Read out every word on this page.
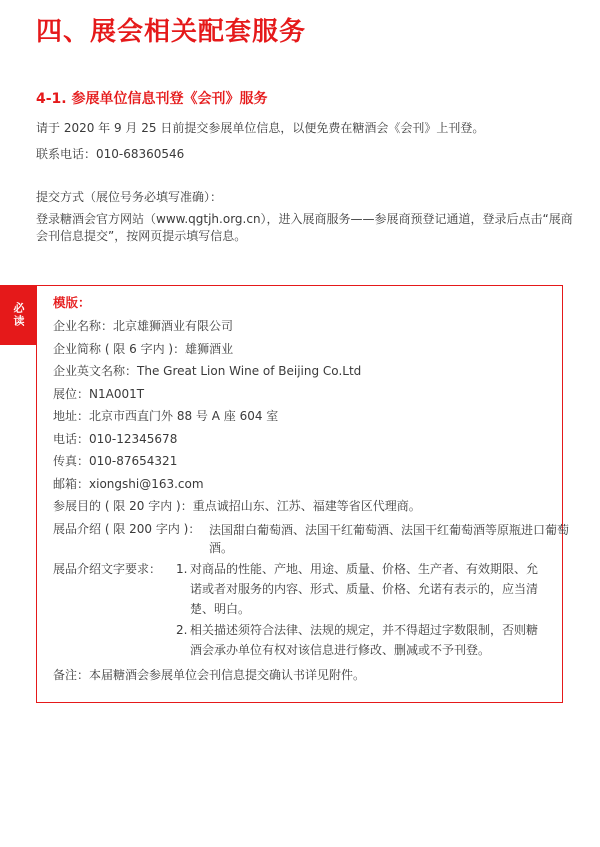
四、展会相关配套服务
4-1. 参展单位信息刊登《会刊》服务
请于 2020 年 9 月 25 日前提交参展单位信息，以便免费在糖酒会《会刊》上刊登。
联系电话：010-68360546
提交方式（展位号务必填写准确）：
登录糖酒会官方网站（www.qgtjh.org.cn），进入展商服务——参展商预登记通道，登录后点击“展商会刊信息提交”，按网页提示填写信息。
必读 模版：
企业名称：北京雄狮酒业有限公司
企业简称 ( 限 6 字内 )：雄狮酒业
企业英文名称：The Great Lion Wine of Beijing Co.Ltd
展位：N1A001T
地址：北京市西直门外 88 号 A 座 604 室
电话：010-12345678
传真：010-87654321
邮箱：xiongshi@163.com
参展目的 ( 限 20 字内 )：重点诚招山东、江苏、福建等省区代理商。
展品介绍 ( 限 200 字内 )： 法国甜白葡萄酒、法国干红葡萄酒、法国干红葡萄酒等原瓶进口葡萄酒。
展品介绍文字要求： 1. 对商品的性能、产地、用途、质量、价格、生产者、有效期限、允诺或者对服务的内容、形式、质量、价格、允诺有表示的，应当清楚、明白。
2. 相关描述须符合法律、法规的规定，并不得超过字数限制，否则糖酒会承办单位有权对该信息进行修改、删减或不予刊登。
备注：本届糖酒会参展单位会刊信息提交确认书详见附件。
